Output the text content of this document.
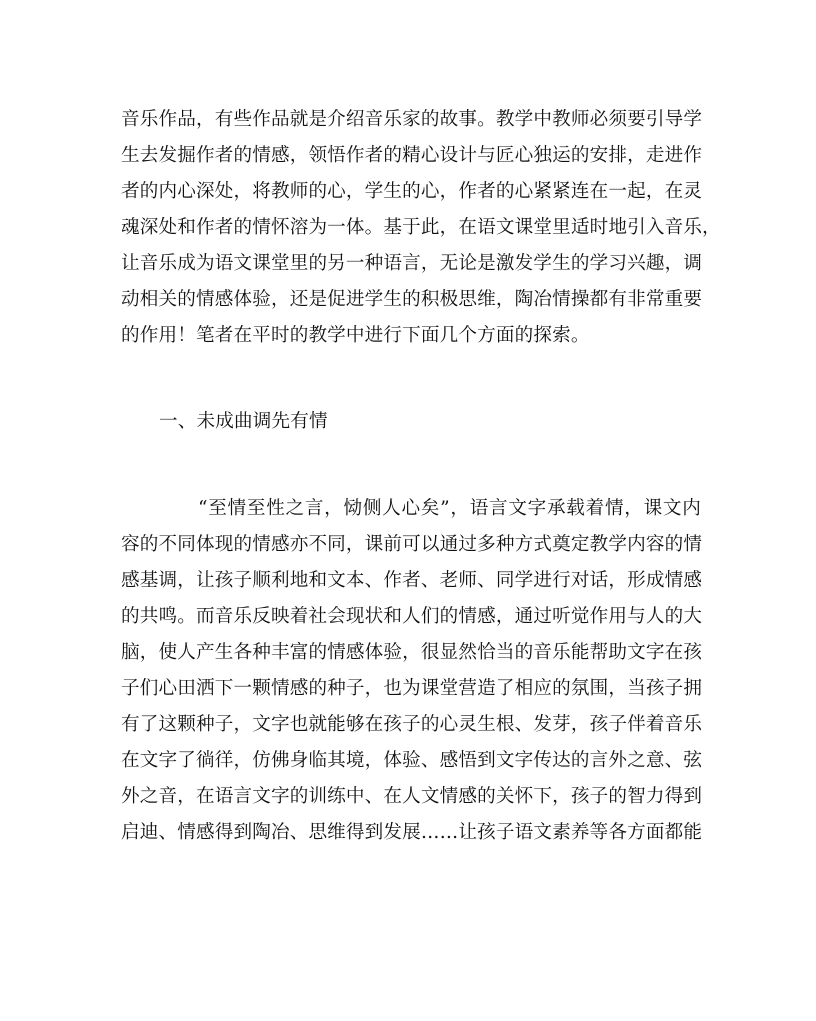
音乐作品，有些作品就是介绍音乐家的故事。教学中教师必须要引导学
生去发掘作者的情感，领悟作者的精心设计与匠心独运的安排，走进作
者的内心深处，将教师的心，学生的心，作者的心紧紧连在一起，在灵
魂深处和作者的情怀溶为一体。基于此，在语文课堂里适时地引入音乐，
让音乐成为语文课堂里的另一种语言，无论是激发学生的学习兴趣，调
动相关的情感体验，还是促进学生的积极思维，陶冶情操都有非常重要
的作用！笔者在平时的教学中进行下面几个方面的探索。
一、未成曲调先有情
“至情至性之言，恸侧人心矣”，语言文字承载着情，课文内
容的不同体现的情感亦不同，课前可以通过多种方式奠定教学内容的情
感基调，让孩子顺利地和文本、作者、老师、同学进行对话，形成情感
的共鸣。而音乐反映着社会现状和人们的情感，通过听觉作用与人的大
脑，使人产生各种丰富的情感体验，很显然恰当的音乐能帮助文字在孩
子们心田洒下一颗情感的种子，也为课堂营造了相应的氛围，当孩子拥
有了这颗种子，文字也就能够在孩子的心灵生根、发芽，孩子伴着音乐
在文字了徜徉，仿佛身临其境，体验、感悟到文字传达的言外之意、弦
外之音，在语言文字的训练中、在人文情感的关怀下，孩子的智力得到
启迪、情感得到陶冶、思维得到发展……让孩子语文素养等各方面都能
